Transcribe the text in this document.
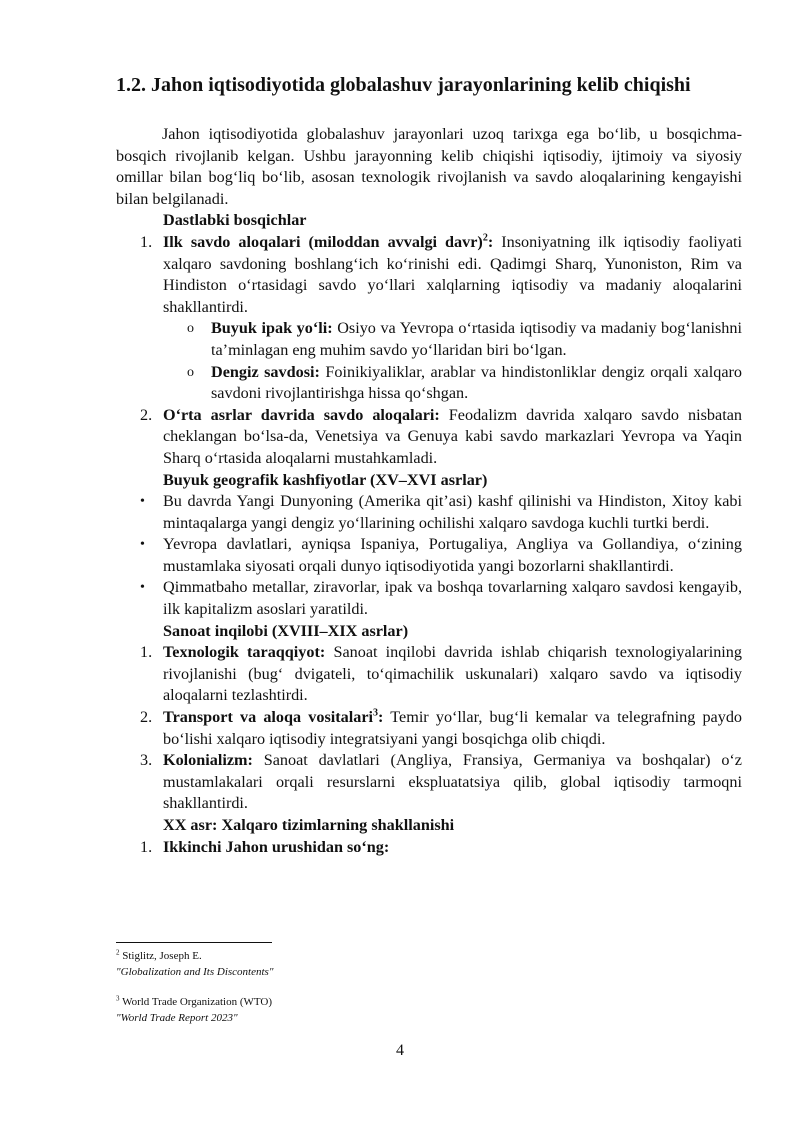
1.2. Jahon iqtisodiyotida globalashuv jarayonlarining kelib chiqishi

Jahon iqtisodiyotida globalashuv jarayonlari uzoq tarixga ega bo‘lib, u bosqichma-bosqich rivojlanib kelgan. Ushbu jarayonning kelib chiqishi iqtisodiy, ijtimoiy va siyosiy omillar bilan bog‘liq bo‘lib, asosan texnologik rivojlanish va savdo aloqalarining kengayishi bilan belgilanadi.

Dastlabki bosqichlar

1. Ilk savdo aloqalari (miloddan avvalgi davr)$^2$: Insoniyatning ilk iqtisodiy faoliyati xalqaro savdoning boshlang‘ich ko‘rinishi edi. Qadimgi Sharq, Yunoniston, Rim va Hindiston o‘rtasidagi savdo yo‘llari xalqlarning iqtisodiy va madaniy aloqalarini shakllantirdi.
o Buyuk ipak yo‘li: Osiyo va Yevropa o‘rtasida iqtisodiy va madaniy bog‘lanishni ta’minlagan eng muhim savdo yo‘llaridan biri bo‘lgan.
o Dengiz savdosi: Foinikiyaliklar, arablar va hindistonliklar dengiz orqali xalqaro savdoni rivojlantirishga hissa qo‘shgan.
2. O‘rta asrlar davrida savdo aloqalari: Feodalizm davrida xalqaro savdo nisbatan cheklangan bo‘lsa-da, Venetsiya va Genuya kabi savdo markazlari Yevropa va Yaqin Sharq o‘rtasida aloqalarni mustahkamladi.

Buyuk geografik kashfiyotlar (XV–XVI asrlar)

• Bu davrda Yangi Dunyoning (Amerika qit’asi) kashf qilinishi va Hindiston, Xitoy kabi mintaqalarga yangi dengiz yo‘llarining ochilishi xalqaro savdoga kuchli turtki berdi.
• Yevropa davlatlari, ayniqsa Ispaniya, Portugaliya, Angliya va Gollandiya, o‘zining mustamlaka siyosati orqali dunyo iqtisodiyotida yangi bozorlarni shakllantirdi.
• Qimmatbaho metallar, ziravorlar, ipak va boshqa tovarlarning xalqaro savdosi kengayib, ilk kapitalizm asoslari yaratildi.

Sanoat inqilobi (XVIII–XIX asrlar)

1. Texnologik taraqqiyot: Sanoat inqilobi davrida ishlab chiqarish texnologiyalarining rivojlanishi (bug‘ dvigateli, to‘qimachilik uskunalari) xalqaro savdo va iqtisodiy aloqalarni tezlashtirdi.
2. Transport va aloqa vositalari$^3$: Temir yo‘llar, bug‘li kemalar va telegrafning paydo bo‘lishi xalqaro iqtisodiy integratsiyani yangi bosqichga olib chiqdi.
3. Kolonializm: Sanoat davlatlari (Angliya, Fransiya, Germaniya va boshqalar) o‘z mustamlakalari orqali resurslarni ekspluatatsiya qilib, global iqtisodiy tarmoqni shakllantirdi.

XX asr: Xalqaro tizimlarning shakllanishi

1. Ikkinchi Jahon urushidan so‘ng:
$^2$ Stiglitz, Joseph E.
"Globalization and Its Discontents"
$^3$ World Trade Organization (WTO)
"World Trade Report 2023"
4
